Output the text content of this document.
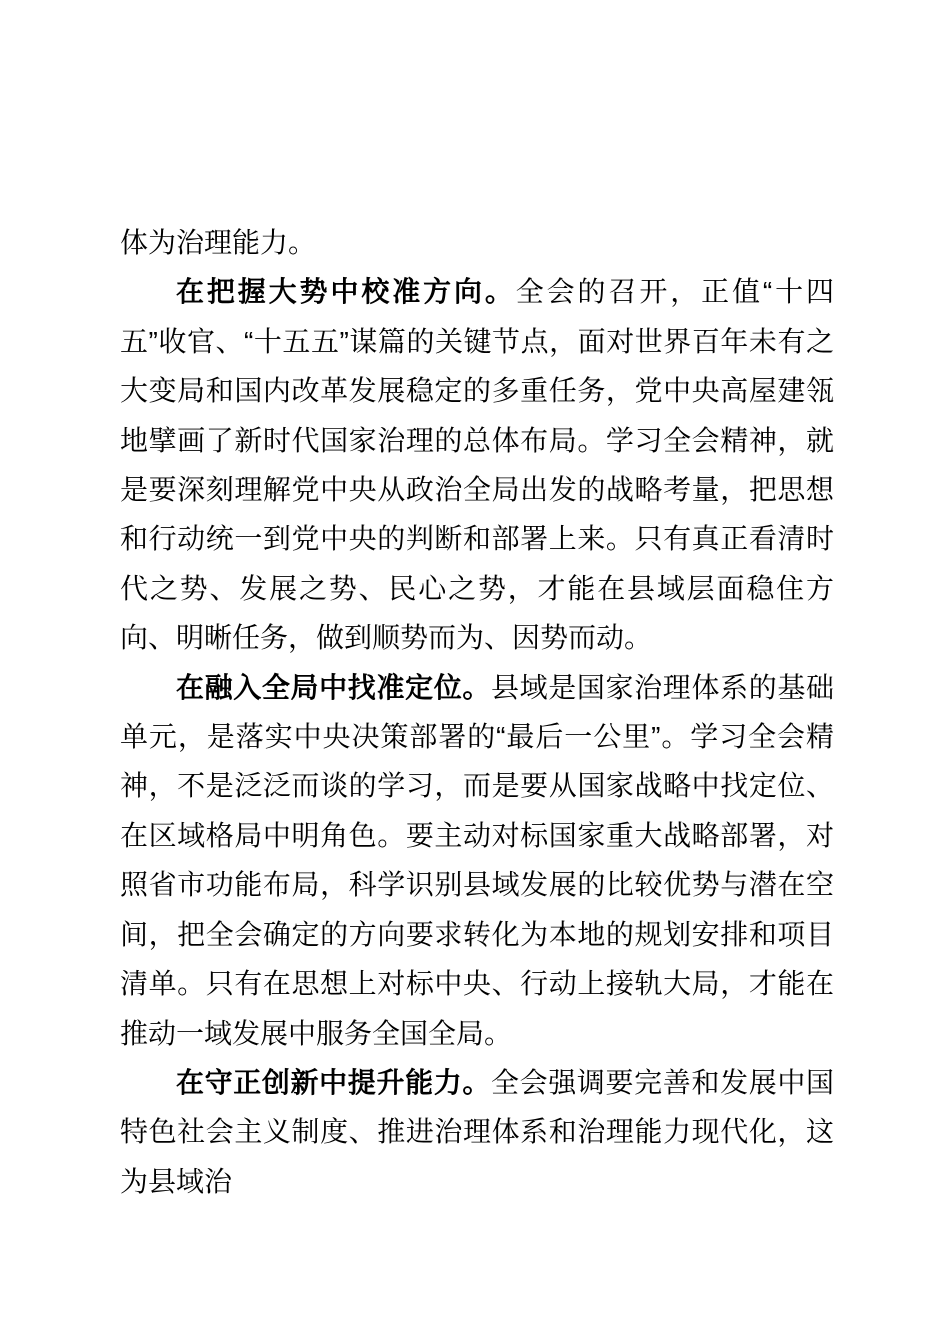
体为治理能力。

在把握大势中校准方向。全会的召开，正值“十四五”收官、“十五五”谋篇的关键节点，面对世界百年未有之大变局和国内改革发展稳定的多重任务，党中央高屋建瓴地擘画了新时代国家治理的总体布局。学习全会精神，就是要深刻理解党中央从政治全局出发的战略考量，把思想和行动统一到党中央的判断和部署上来。只有真正看清时代之势、发展之势、民心之势，才能在县域层面稳住方向、明晰任务，做到顺势而为、因势而动。

在融入全局中找准定位。县域是国家治理体系的基础单元，是落实中央决策部署的“最后一公里”。学习全会精神，不是泛泛而谈的学习，而是要从国家战略中找定位、在区域格局中明角色。要主动对标国家重大战略部署，对照省市功能布局，科学识别县域发展的比较优势与潜在空间，把全会确定的方向要求转化为本地的规划安排和项目清单。只有在思想上对标中央、行动上接轨大局，才能在推动一域发展中服务全国全局。

在守正创新中提升能力。全会强调要完善和发展中国特色社会主义制度、推进治理体系和治理能力现代化，这为县域治
